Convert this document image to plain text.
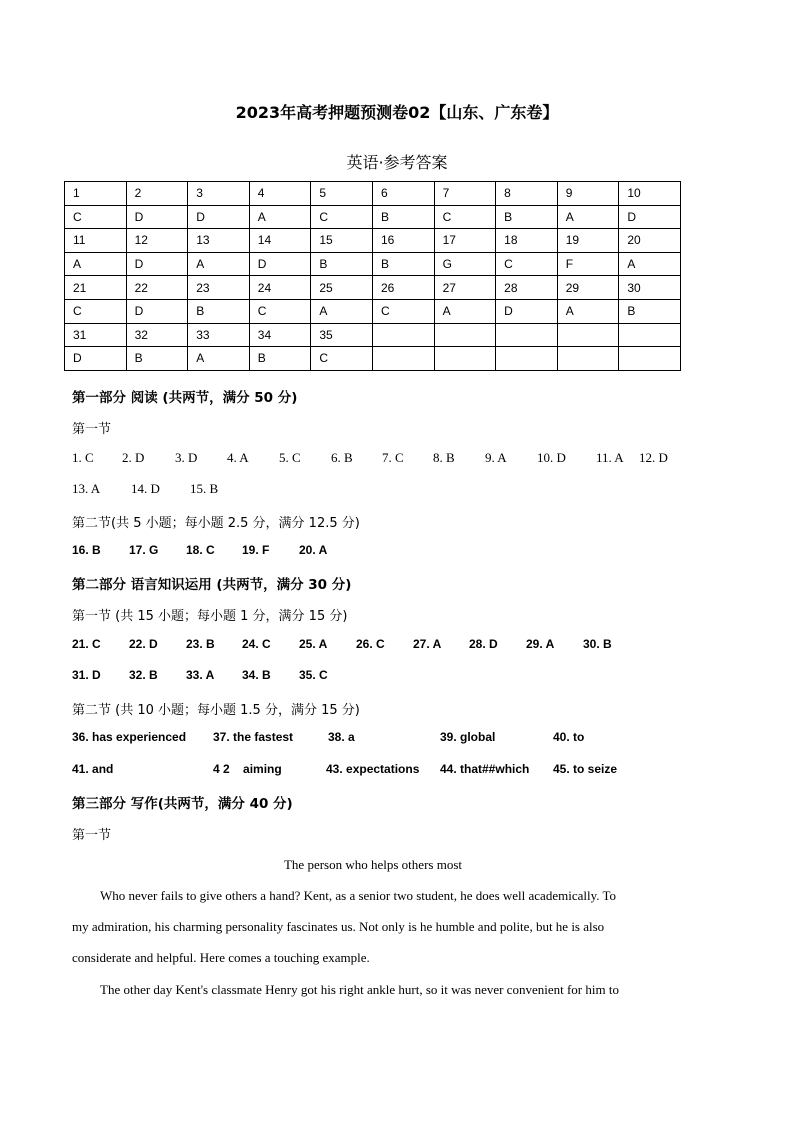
2023年高考押题预测卷02【山东、广东卷】
英语·参考答案
1	2	3	4	5	6	7	8	9	10
C	D	D	A	C	B	C	B	A	D
11	12	13	14	15	16	17	18	19	20
A	D	A	D	B	B	G	C	F	A
21	22	23	24	25	26	27	28	29	30
C	D	B	C	A	C	A	D	A	B
31	32	33	34	35					
D	B	A	B	C					
第一部分 阅读 (共两节，满分 50 分)
第一节
1. C 2. D 3. D 4. A 5. C 6. B 7. C 8. B 9. A 10. D 11. A 12. D
13. A 14. D 15. B
第二节(共 5 小题；每小题 2.5 分，满分 12.5 分)
16. B 17. G 18. C 19. F 20. A
第二部分 语言知识运用 (共两节，满分 30 分)
第一节 (共 15 小题；每小题 1 分，满分 15 分)
21. C 22. D 23. B 24. C 25. A 26. C 27. A 28. D 29. A 30. B
31. D 32. B 33. A 34. B 35. C
第二节 (共 10 小题；每小题 1.5 分，满分 15 分)
36. has experienced 37. the fastest	38. a	39. global	40. to
41. and	4 2    aiming	43. expectations 44. that##which 45. to seize
第三部分 写作(共两节，满分 40 分)
第一节
The person who helps others most
Who never fails to give others a hand? Kent, as a senior two student, he does well academically. To
my admiration, his charming personality fascinates us. Not only is he humble and polite, but he is also
considerate and helpful. Here comes a touching example.
The other day Kent's classmate Henry got his right ankle hurt, so it was never convenient for him to
